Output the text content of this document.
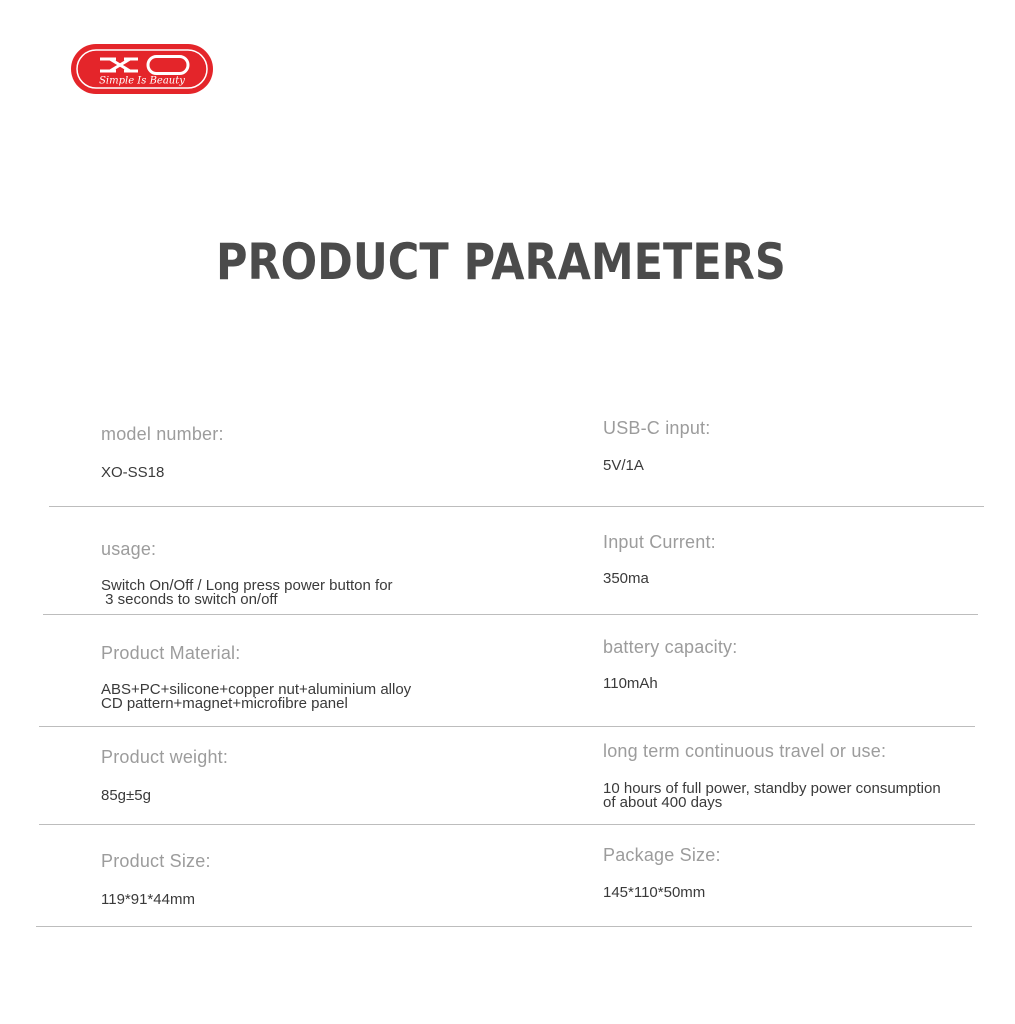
Simple Is Beauty
PRODUCT PARAMETERS
model number:
XO-SS18
USB-C input:
5V/1A
usage:
Switch On/Off / Long press power button for
3 seconds to switch on/off
Input Current:
350ma
Product Material:
ABS+PC+silicone+copper nut+aluminium alloy
CD pattern+magnet+microfibre panel
battery capacity:
110mAh
Product weight:
85g±5g
long term continuous travel or use:
10 hours of full power, standby power consumption
of about 400 days
Product Size:
119*91*44mm
Package Size:
145*110*50mm
